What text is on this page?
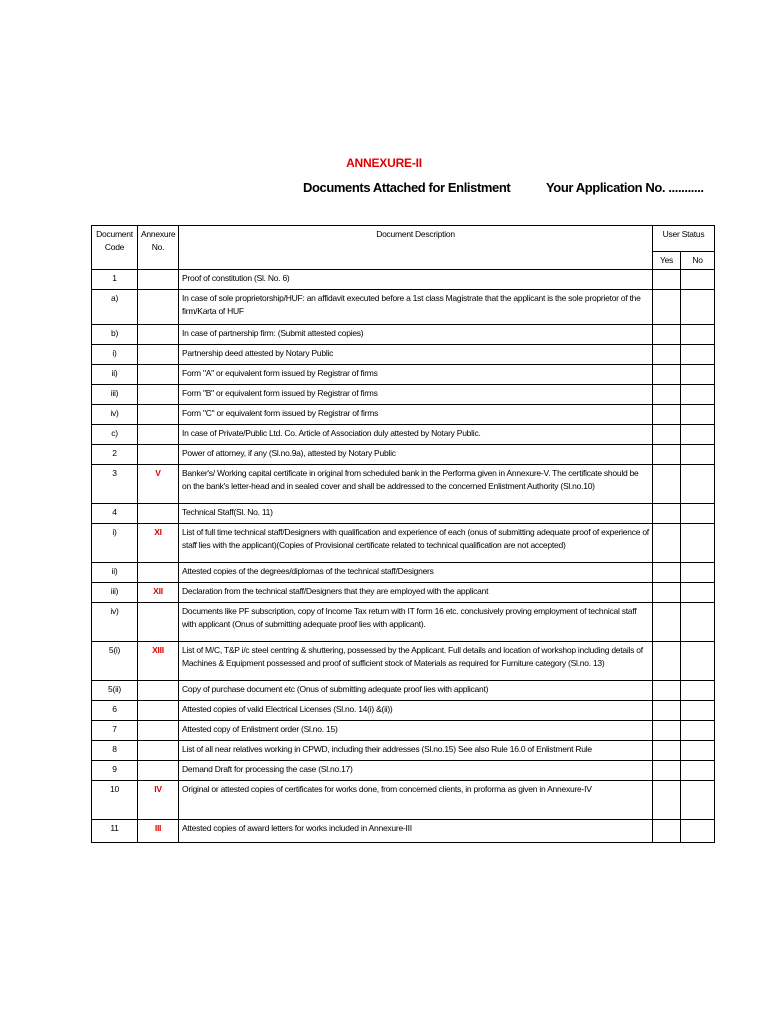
ANNEXURE-II
Documents Attached for Enlistment	Your Application No. ...........
Document Code	Annexure No.	Document Description	User Status	
			Yes	No
1		Proof of constitution (Sl. No. 6)		
a)		In case of sole proprietorship/HUF: an affidavit executed before a 1st class Magistrate that the applicant is the sole proprietor of the firm/Karta of HUF		
b)		In case of partnership firm: (Submit attested copies)		
i)		Partnership deed attested by Notary Public		
ii)		Form "A" or equivalent form issued by Registrar of firms		
iii)		Form "B" or equivalent form issued by Registrar of firms		
iv)		Form "C" or equivalent form issued by Registrar of firms		
c)		In case of Private/Public Ltd. Co. Article of Association duly attested by Notary Public.		
2		Power of attorney, if any (Sl.no.9a), attested by Notary Public		
3	V	Banker's/ Working capital certificate in original from scheduled bank in the Performa given in Annexure-V. The certificate should be on the bank's letter-head and in sealed cover and shall be addressed to the concerned Enlistment Authority (Sl.no.10)		
4		Technical Staff(Sl. No. 11)		
i)	XI	List of full time technical staff/Designers with qualification and experience of each (onus of submitting adequate proof of experience of staff lies with the applicant)(Copies of Provisional certificate related to technical qualification are not accepted)		
ii)		Attested copies of the degrees/diplomas of the technical staff/Designers		
iii)	XII	Declaration from the technical staff/Designers that they are employed with the applicant		
iv)		Documents like PF subscription, copy of Income Tax return with IT form 16 etc. conclusively proving employment of technical staff with applicant (Onus of submitting adequate proof lies with applicant).		
5(i)	XIII	List of M/C, T&P i/c steel centring & shuttering, possessed by the Applicant. Full details and location of workshop including details of Machines & Equipment possessed and proof of sufficient stock of Materials as required for Furniture category (Sl.no. 13)		
5(ii)		Copy of purchase document etc (Onus of submitting adequate proof lies with applicant)		
6		Attested copies of valid Electrical Licenses (Sl.no. 14(i) &(ii))		
7		Attested copy of Enlistment order (Sl.no. 15)		
8		List of all near relatives working in CPWD, including their addresses (Sl.no.15) See also Rule 16.0 of Enlistment Rule		
9		Demand Draft for processing the case (Sl.no.17)		
10	IV	Original or attested copies of certificates for works done, from concerned clients, in proforma as given in Annexure-IV		
11	III	Attested copies of award letters for works included in Annexure-III		
